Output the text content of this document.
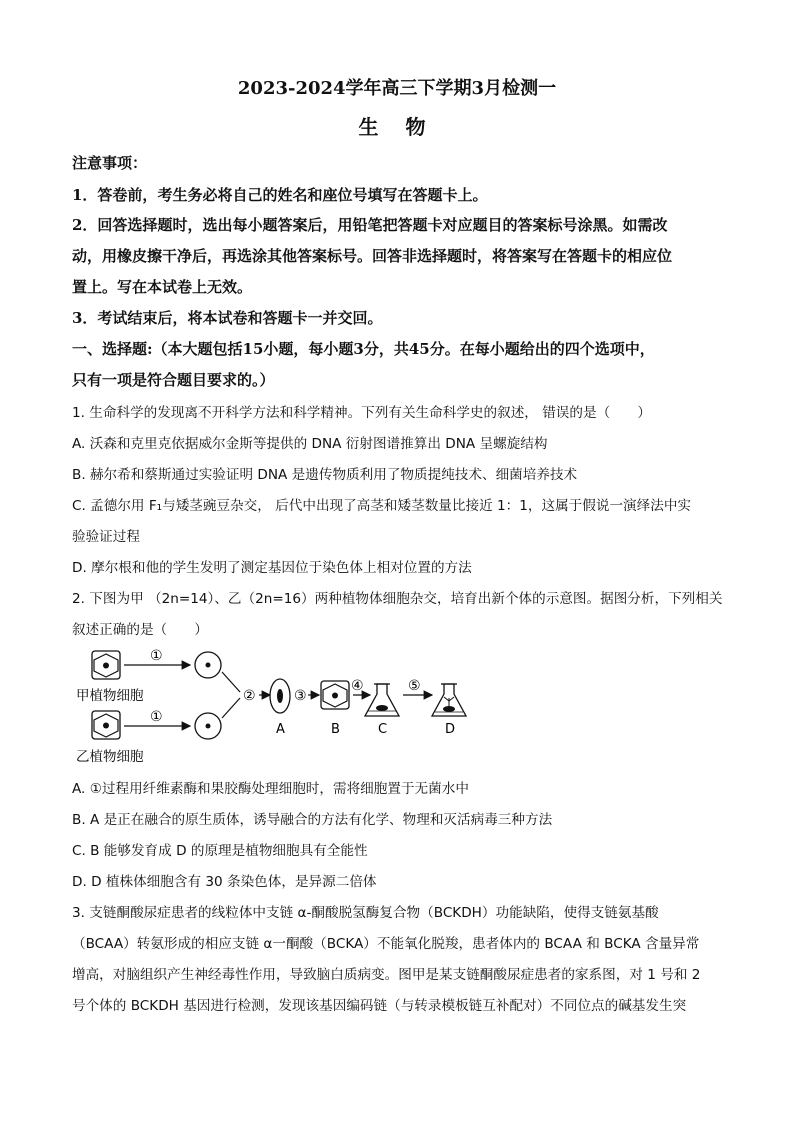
2023-2024学年高三下学期3月检测一
生 物
注意事项：
1．答卷前，考生务必将自己的姓名和座位号填写在答题卡上。
2．回答选择题时，选出每小题答案后，用铅笔把答题卡对应题目的答案标号涂黑。如需改
动，用橡皮擦干净后，再选涂其他答案标号。回答非选择题时，将答案写在答题卡的相应位
置上。写在本试卷上无效。
3．考试结束后，将本试卷和答题卡一并交回。
一、选择题:（本大题包括15小题，每小题3分，共45分。在每小题给出的四个选项中，
只有一项是符合题目要求的。）
1. 生命科学的发现离不开科学方法和科学精神。下列有关生命科学史的叙述， 错误的是（　　）
A. 沃森和克里克依据威尔金斯等提供的 DNA 衍射图谱推算出 DNA 呈螺旋结构
B. 赫尔希和蔡斯通过实验证明 DNA 是遗传物质利用了物质提纯技术、细菌培养技术
C. 孟德尔用 F₁与矮茎豌豆杂交， 后代中出现了高茎和矮茎数量比接近 1：1，这属于假说一演绎法中实
验验证过程
D. 摩尔根和他的学生发明了测定基因位于染色体上相对位置的方法
2. 下图为甲 （2n=14）、乙（2n=16）两种植物体细胞杂交，培育出新个体的示意图。据图分析，下列相关
叙述正确的是（　　）
①
甲植物细胞
①
乙植物细胞
②
A
③
B
④
C
⑤
D
A. ①过程用纤维素酶和果胶酶处理细胞时，需将细胞置于无菌水中
B. A 是正在融合的原生质体，诱导融合的方法有化学、物理和灭活病毒三种方法
C. B 能够发育成 D 的原理是植物细胞具有全能性
D. D 植株体细胞含有 30 条染色体，是异源二倍体
3. 支链酮酸尿症患者的线粒体中支链 α-酮酸脱氢酶复合物（BCKDH）功能缺陷，使得支链氨基酸
（BCAA）转氨形成的相应支链 α一酮酸（BCKA）不能氧化脱羧，患者体内的 BCAA 和 BCKA 含量异常
增高，对脑组织产生神经毒性作用，导致脑白质病变。图甲是某支链酮酸尿症患者的家系图，对 1 号和 2
号个体的 BCKDH 基因进行检测，发现该基因编码链（与转录模板链互补配对）不同位点的碱基发生突
